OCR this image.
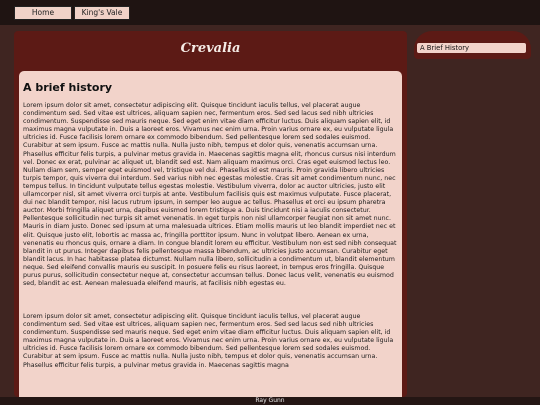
Home	King's Vale
Crevalia
A brief history

Lorem ipsum dolor sit amet, consectetur adipiscing elit. Quisque tincidunt iaculis tellus, vel placerat augue condimentum sed. Sed vitae est ultrices, aliquam sapien nec, fermentum eros. Sed sed lacus sed nibh ultricies condimentum. Suspendisse sed mauris neque. Sed eget enim vitae diam efficitur luctus. Duis aliquam sapien elit, id maximus magna vulputate in. Duis a laoreet eros. Vivamus nec enim urna. Proin varius ornare ex, eu vulputate ligula ultricies id. Fusce facilisis lorem ornare ex commodo bibendum. Sed pellentesque lorem sed sodales euismod. Curabitur at sem ipsum. Fusce ac mattis nulla. Nulla justo nibh, tempus et dolor quis, venenatis accumsan urna. Phasellus efficitur felis turpis, a pulvinar metus gravida in. Maecenas sagittis magna elit, rhoncus cursus nisi interdum vel. Donec ex erat, pulvinar ac aliquet ut, blandit sed est. Nam aliquam maximus orci. Cras eget euismod lectus leo. Nullam diam sem, semper eget euismod vel, tristique vel dui. Phasellus id est mauris. Proin gravida libero ultricies turpis tempor, quis viverra dui interdum. Sed varius nibh nec egestas molestie. Cras sit amet condimentum nunc, nec tempus tellus. In tincidunt vulputate tellus egestas molestie. Vestibulum viverra, dolor ac auctor ultricies, justo elit ullamcorper nisl, sit amet viverra orci turpis at ante. Vestibulum facilisis quis est maximus vulputate. Fusce placerat, dui nec blandit tempor, nisi lacus rutrum ipsum, in semper leo augue ac tellus. Phasellus et orci eu ipsum pharetra auctor. Morbi fringilla aliquet urna, dapibus euismod lorem tristique a. Duis tincidunt nisi a iaculis consectetur. Pellentesque sollicitudin nec turpis sit amet venenatis. In eget turpis non nisl ullamcorper feugiat non sit amet nunc. Mauris in diam justo. Donec sed ipsum at urna malesuada ultrices. Etiam mollis mauris ut leo blandit imperdiet nec et elit. Quisque justo elit, lobortis ac massa ac, fringilla porttitor ipsum. Nunc in volutpat libero. Aenean ex urna, venenatis eu rhoncus quis, ornare a diam. In congue blandit lorem eu efficitur. Vestibulum non est sed nibh consequat blandit in ut purus. Integer dapibus felis pellentesque massa bibendum, ac ultricies justo accumsan. Curabitur eget blandit lacus. In hac habitasse platea dictumst. Nullam nulla libero, sollicitudin a condimentum ut, blandit elementum neque. Sed eleifend convallis mauris eu suscipit. In posuere felis eu risus laoreet, in tempus eros fringilla. Quisque purus purus, sollicitudin consectetur neque at, consectetur accumsan tellus. Donec lacus velit, venenatis eu euismod sed, blandit ac est. Aenean malesuada eleifend mauris, at facilisis nibh egestas eu.

Lorem ipsum dolor sit amet, consectetur adipiscing elit. Quisque tincidunt iaculis tellus, vel placerat augue condimentum sed. Sed vitae est ultrices, aliquam sapien nec, fermentum eros. Sed sed lacus sed nibh ultricies condimentum. Suspendisse sed mauris neque. Sed eget enim vitae diam efficitur luctus. Duis aliquam sapien elit, id maximus magna vulputate in. Duis a laoreet eros. Vivamus nec enim urna. Proin varius ornare ex, eu vulputate ligula ultricies id. Fusce facilisis lorem ornare ex commodo bibendum. Sed pellentesque lorem sed sodales euismod. Curabitur at sem ipsum. Fusce ac mattis nulla. Nulla justo nibh, tempus et dolor quis, venenatis accumsan urna. Phasellus efficitur felis turpis, a pulvinar metus gravida in. Maecenas sagittis magna

A Brief History
Ray Gunn
